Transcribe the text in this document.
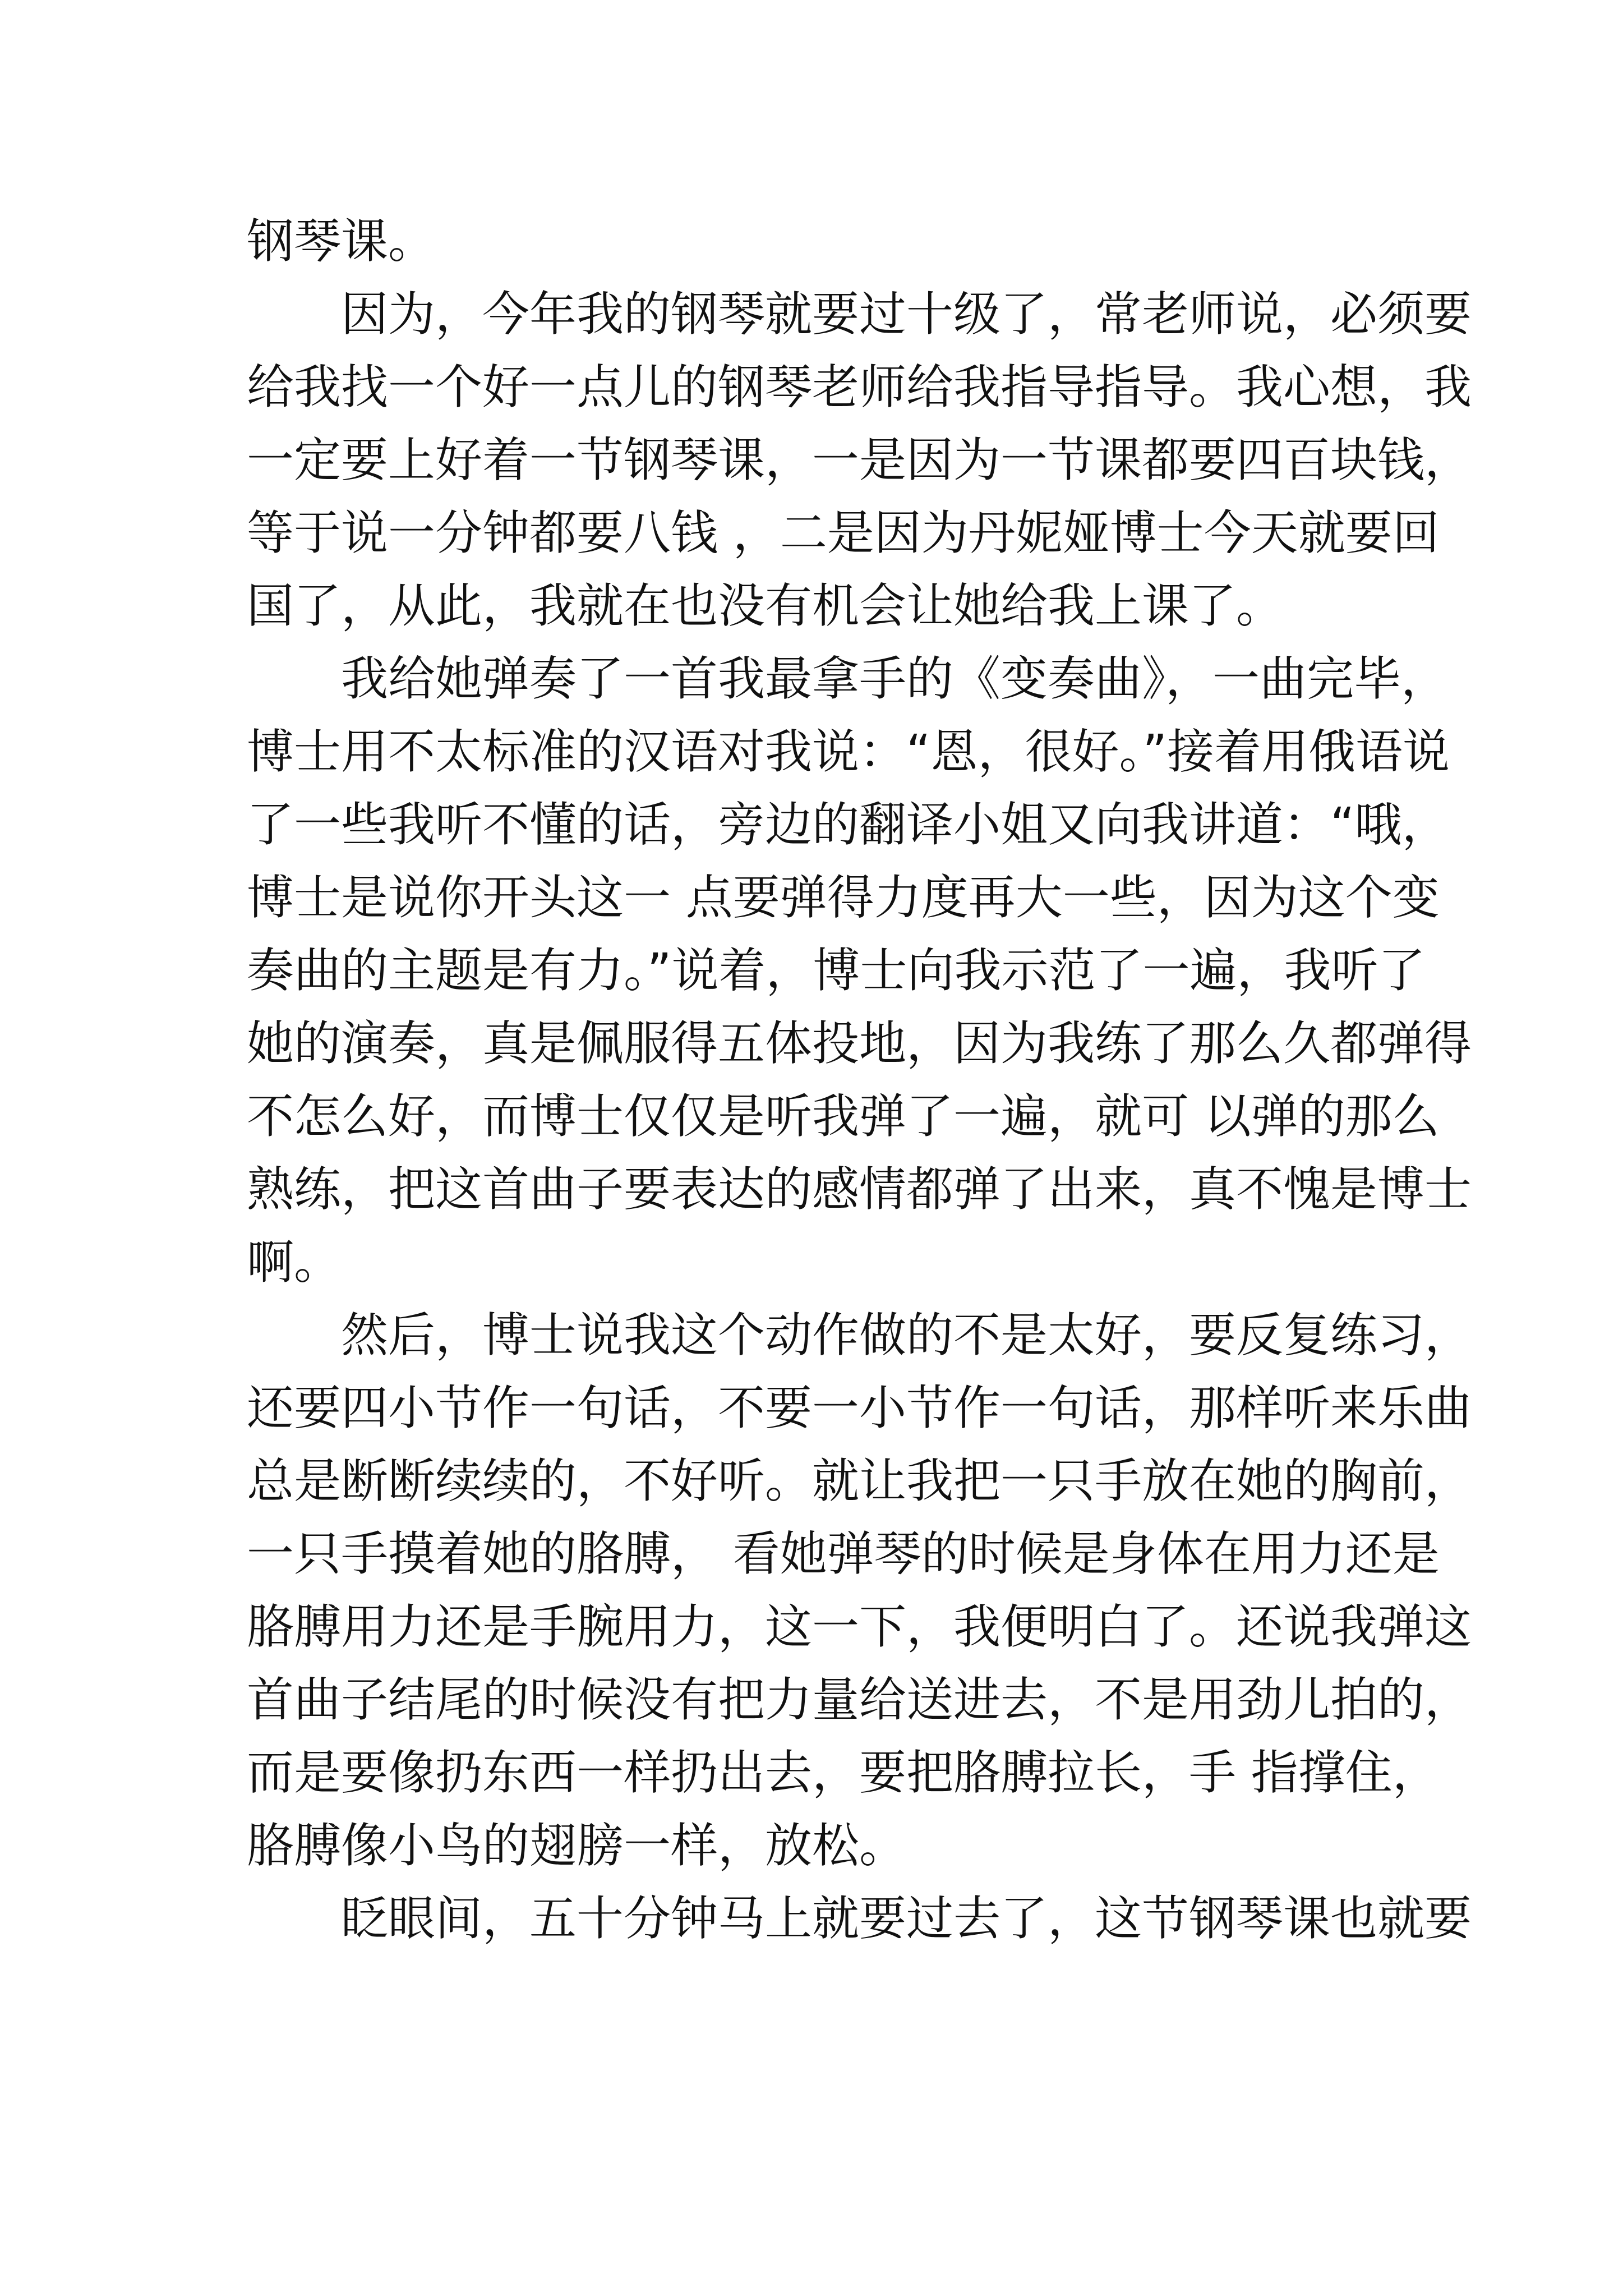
钢琴课。
因为，今年我的钢琴就要过十级了，常老师说，必须要
给我找一个好一点儿的钢琴老师给我指导指导。我心想，我
一定要上好着一节钢琴课，一是因为一节课都要四百块钱，
等于说一分钟都要八钱 ，二是因为丹妮娅博士今天就要回
国了，从此，我就在也没有机会让她给我上课了。
我给她弹奏了一首我最拿手的《变奏曲》，一曲完毕，
博士用不太标准的汉语对我说：“恩，很好。”接着用俄语说
了一些我听不懂的话，旁边的翻译小姐又向我讲道：“哦，
博士是说你开头这一 点要弹得力度再大一些，因为这个变
奏曲的主题是有力。”说着，博士向我示范了一遍，我听了
她的演奏，真是佩服得五体投地，因为我练了那么久都弹得
不怎么好，而博士仅仅是听我弹了一遍，就可 以弹的那么
熟练，把这首曲子要表达的感情都弹了出来，真不愧是博士
啊。
然后，博士说我这个动作做的不是太好，要反复练习，
还要四小节作一句话，不要一小节作一句话，那样听来乐曲
总是断断续续的，不好听。就让我把一只手放在她的胸前，
一只手摸着她的胳膊， 看她弹琴的时候是身体在用力还是
胳膊用力还是手腕用力，这一下，我便明白了。还说我弹这
首曲子结尾的时候没有把力量给送进去，不是用劲儿拍的，
而是要像扔东西一样扔出去，要把胳膊拉长，手 指撑住，
胳膊像小鸟的翅膀一样，放松。
眨眼间，五十分钟马上就要过去了，这节钢琴课也就要
